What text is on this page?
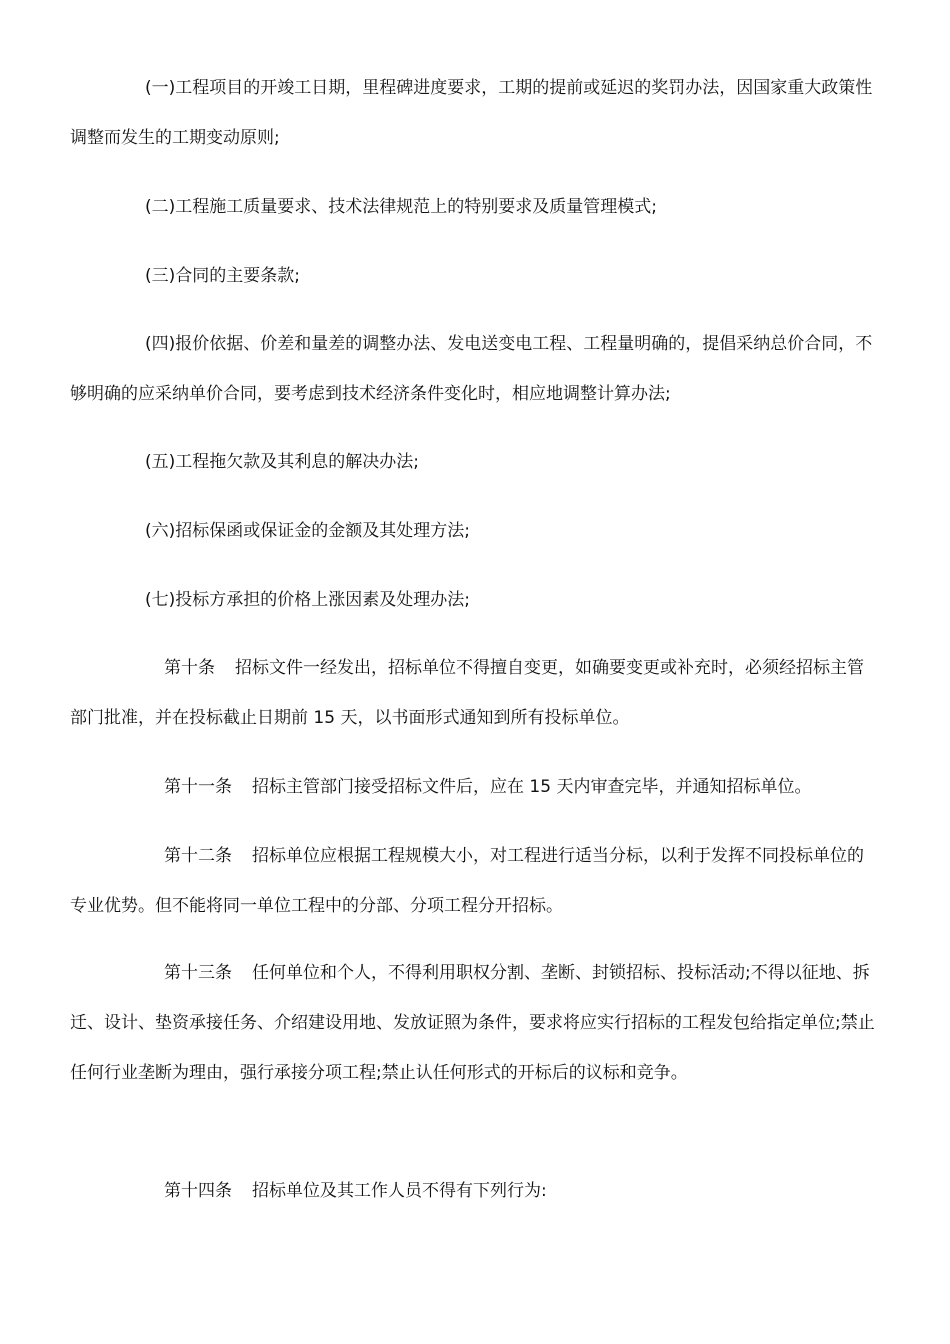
(一)工程项目的开竣工日期，里程碑进度要求，工期的提前或延迟的奖罚办法，因国家重大政策性调整而发生的工期变动原则;

(二)工程施工质量要求、技术法律规范上的特别要求及质量管理模式;

(三)合同的主要条款;

(四)报价依据、价差和量差的调整办法、发电送变电工程、工程量明确的，提倡采纳总价合同，不够明确的应采纳单价合同，要考虑到技术经济条件变化时，相应地调整计算办法;

(五)工程拖欠款及其利息的解决办法;

(六)招标保函或保证金的金额及其处理方法;

(七)投标方承担的价格上涨因素及处理办法;

第十条 招标文件一经发出，招标单位不得擅自变更，如确要变更或补充时，必须经招标主管部门批准，并在投标截止日期前 15 天，以书面形式通知到所有投标单位。

第十一条 招标主管部门接受招标文件后，应在 15 天内审查完毕，并通知招标单位。

第十二条 招标单位应根据工程规模大小，对工程进行适当分标，以利于发挥不同投标单位的专业优势。但不能将同一单位工程中的分部、分项工程分开招标。

第十三条 任何单位和个人，不得利用职权分割、垄断、封锁招标、投标活动;不得以征地、拆迁、设计、垫资承接任务、介绍建设用地、发放证照为条件，要求将应实行招标的工程发包给指定单位;禁止任何行业垄断为理由，强行承接分项工程;禁止认任何形式的开标后的议标和竞争。

第十四条 招标单位及其工作人员不得有下列行为:
